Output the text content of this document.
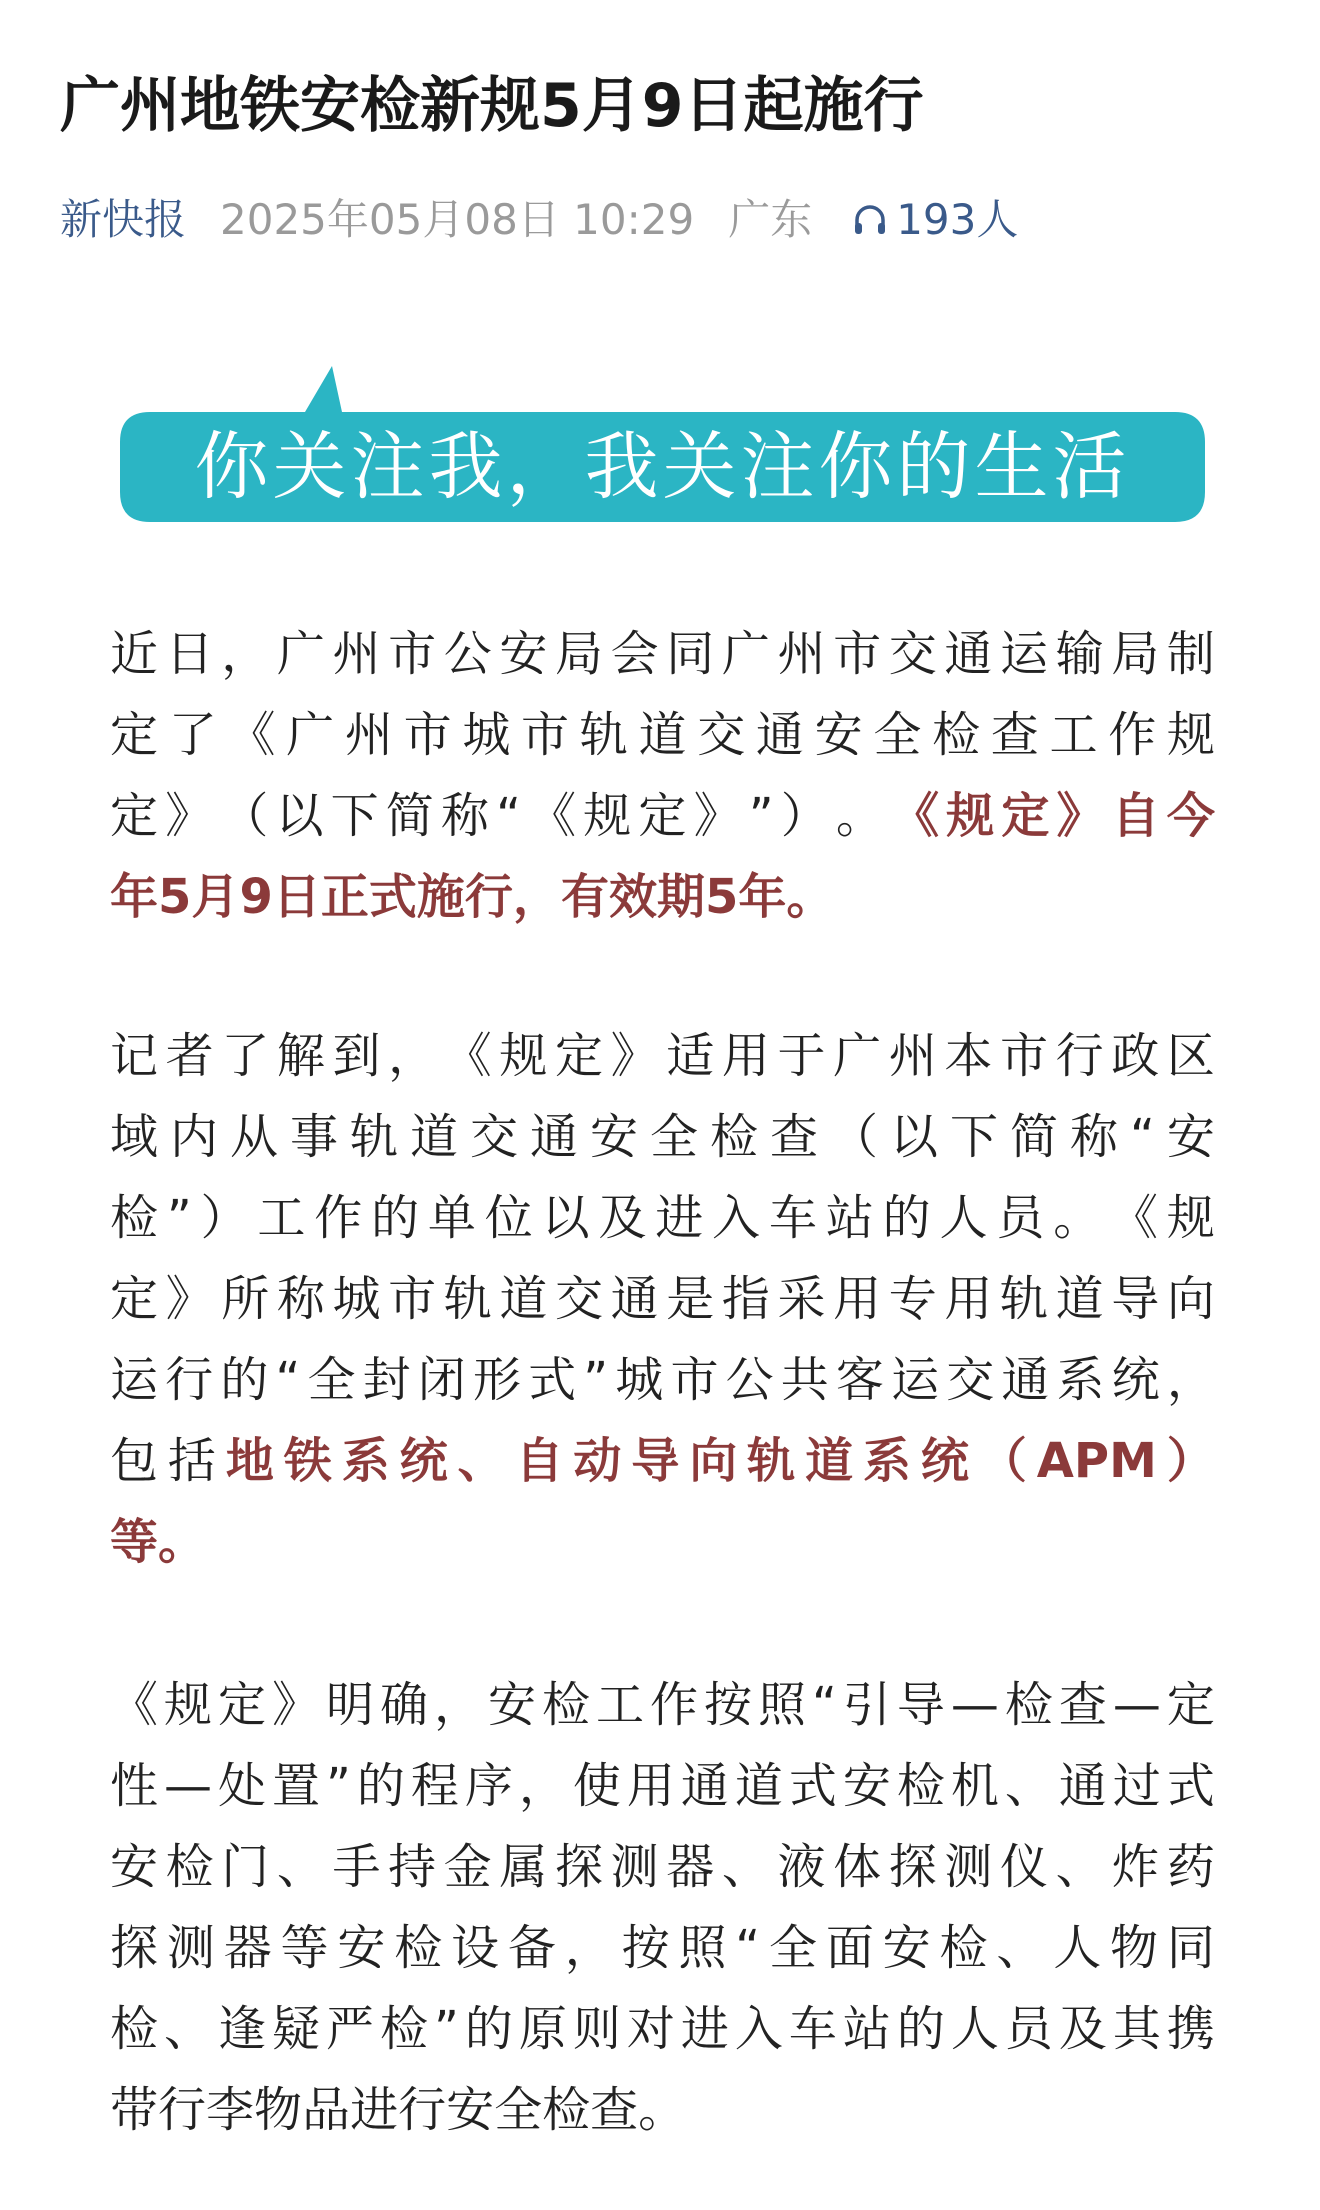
广州地铁安检新规5月9日起施行
新快报 2025年05月08日 10:29 广东 193人
你关注我，我关注你的生活
近 日 ， 广 州 市 公 安 局 会 同 广 州 市 交 通 运 输 局 制
定 了 《 广 州 市 城 市 轨 道 交 通 安 全 检 查 工 作 规
定 》 （ 以 下 简 称 “ 《 规 定 》 ” ） 。 《 规 定 》 自 今
年 5 月 9 日 正 式 施 行 ， 有 效 期 5 年 。
记 者 了 解 到 ， 《 规 定 》 适 用 于 广 州 本 市 行 政 区
域 内 从 事 轨 道 交 通 安 全 检 查 （ 以 下 简 称 “ 安
检 ” ） 工 作 的 单 位 以 及 进 入 车 站 的 人 员 。 《 规
定 》 所 称 城 市 轨 道 交 通 是 指 采 用 专 用 轨 道 导 向
运 行 的 “ 全 封 闭 形 式 ” 城 市 公 共 客 运 交 通 系 统 ，
包 括 地 铁 系 统 、 自 动 导 向 轨 道 系 统 （ APM ）
等 。
《 规 定 》 明 确 ， 安 检 工 作 按 照 “ 引 导 — 检 查 — 定
性 — 处 置 ” 的 程 序 ， 使 用 通 道 式 安 检 机 、 通 过 式
安 检 门 、 手 持 金 属 探 测 器 、 液 体 探 测 仪 、 炸 药
探 测 器 等 安 检 设 备 ， 按 照 “ 全 面 安 检 、 人 物 同
检 、 逢 疑 严 检 ” 的 原 则 对 进 入 车 站 的 人 员 及 其 携
带 行 李 物 品 进 行 安 全 检 查 。
